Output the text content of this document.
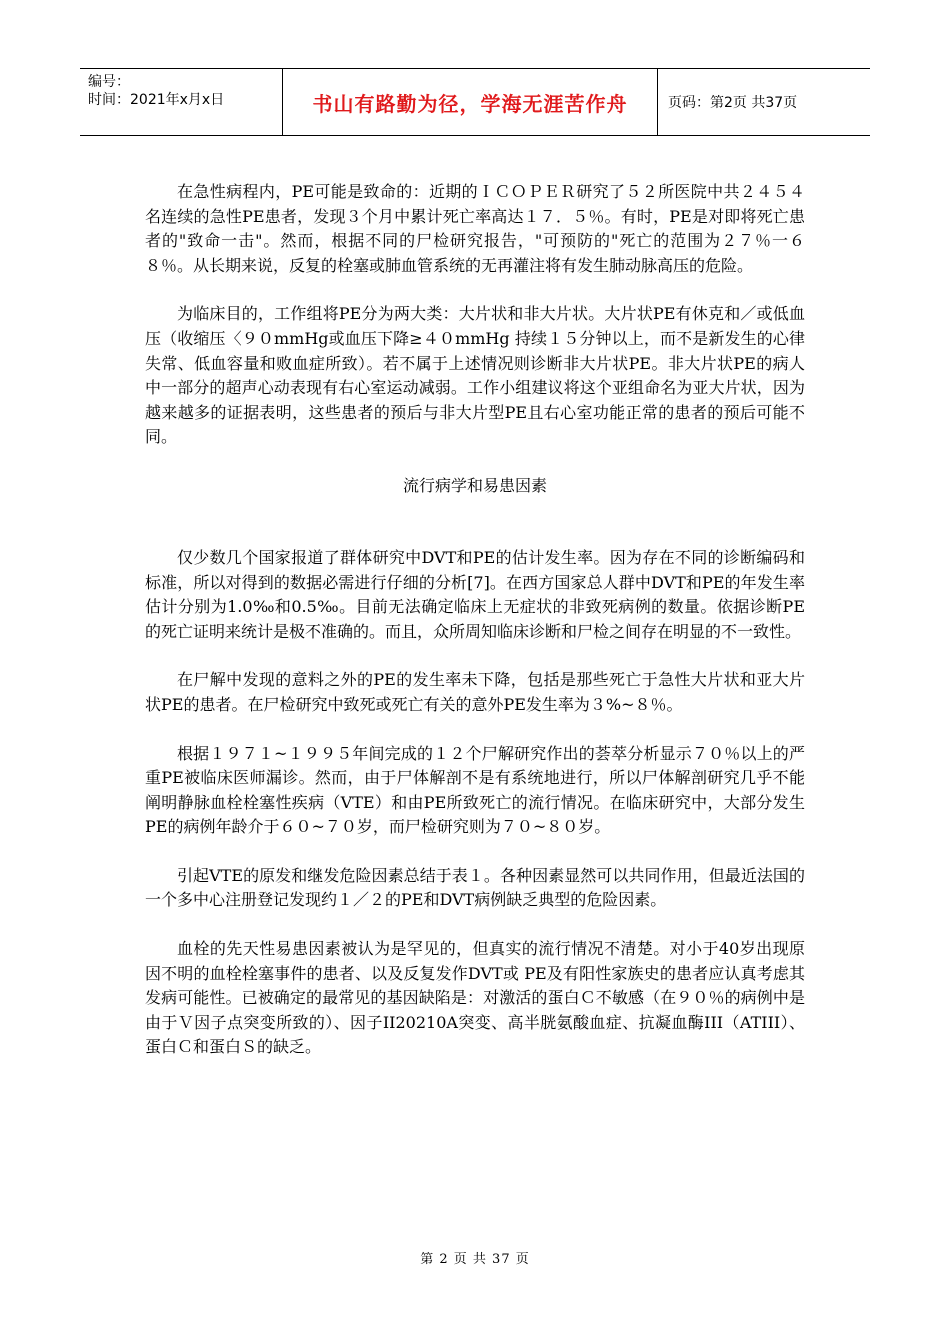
编号：
时间：2021年x月x日	书山有路勤为径，学海无涯苦作舟	页码：第2页 共37页

在急性病程内，PE可能是致命的：近期的ＩＣＯＰＥＲ研究了５２所医院中共２４５４名连续的急性PE患者，发现３个月中累计死亡率高达１７．５％。有时，PE是对即将死亡患者的"致命一击"。然而，根据不同的尸检研究报告，"可预防的"死亡的范围为２７％一６８％。从长期来说，反复的栓塞或肺血管系统的无再灌注将有发生肺动脉高压的危险。

为临床目的，工作组将PE分为两大类：大片状和非大片状。大片状PE有休克和／或低血压（收缩压〈９０mmHg或血压下降≥４０mmHg 持续１５分钟以上，而不是新发生的心律失常、低血容量和败血症所致）。若不属于上述情况则诊断非大片状PE。非大片状PE的病人中一部分的超声心动表现有右心室运动减弱。工作小组建议将这个亚组命名为亚大片状，因为越来越多的证据表明，这些患者的预后与非大片型PE且右心室功能正常的患者的预后可能不同。

流行病学和易患因素

仅少数几个国家报道了群体研究中DVT和PE的估计发生率。因为存在不同的诊断编码和标准，所以对得到的数据必需进行仔细的分析[7]。在西方国家总人群中DVT和PE的年发生率估计分别为1.0‰和0.5‰。目前无法确定临床上无症状的非致死病例的数量。依据诊断PE的死亡证明来统计是极不准确的。而且，众所周知临床诊断和尸检之间存在明显的不一致性。

在尸解中发现的意料之外的PE的发生率未下降，包括是那些死亡于急性大片状和亚大片状PE的患者。在尸检研究中致死或死亡有关的意外PE发生率为３%~８％。

根据１９７１~１９９５年间完成的１２个尸解研究作出的荟萃分析显示７０％以上的严重PE被临床医师漏诊。然而，由于尸体解剖不是有系统地进行，所以尸体解剖研究几乎不能阐明静脉血栓栓塞性疾病（VTE）和由PE所致死亡的流行情况。在临床研究中，大部分发生PE的病例年龄介于６０~７０岁，而尸检研究则为７０~８０岁。

引起VTE的原发和继发危险因素总结于表１。各种因素显然可以共同作用，但最近法国的一个多中心注册登记发现约１／２的PE和DVT病例缺乏典型的危险因素。

血栓的先天性易患因素被认为是罕见的，但真实的流行情况不清楚。对小于40岁出现原因不明的血栓栓塞事件的患者、以及反复发作DVT或 PE及有阳性家族史的患者应认真考虑其发病可能性。已被确定的最常见的基因缺陷是：对激活的蛋白Ｃ不敏感（在９０％的病例中是由于Ｖ因子点突变所致的）、因子II20210A突变、高半胱氨酸血症、抗凝血酶III（ATIII）、蛋白Ｃ和蛋白Ｓ的缺乏。

第 2 页 共 37 页
